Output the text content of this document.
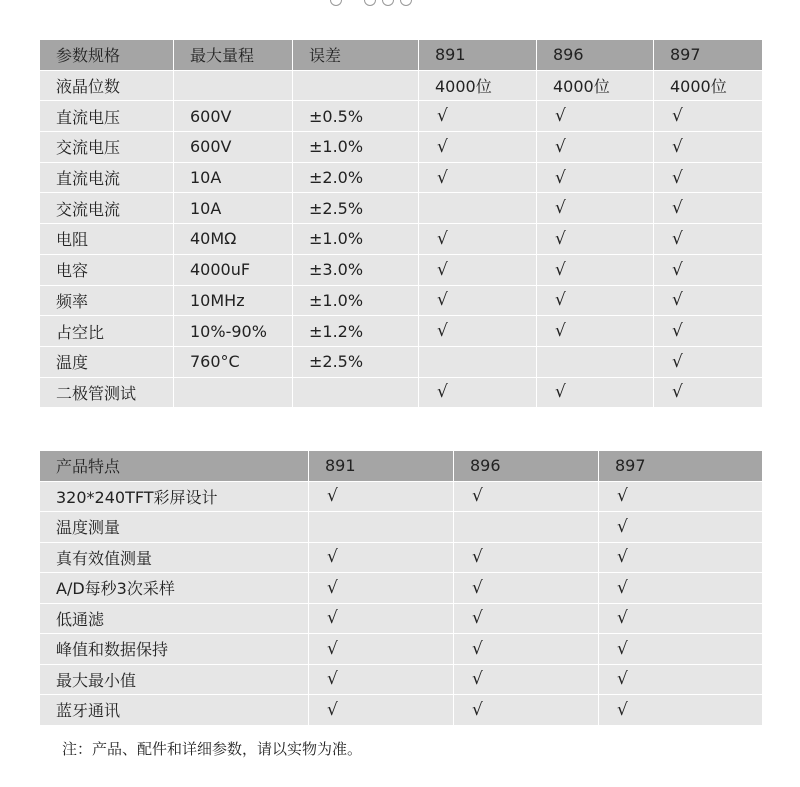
参数规格	最大量程	误差	891	896	897
液晶位数			4000位	4000位	4000位
直流电压	600V	±0.5%	√	√	√
交流电压	600V	±1.0%	√	√	√
直流电流	10A	±2.0%	√	√	√
交流电流	10A	±2.5%		√	√
电阻	40MΩ	±1.0%	√	√	√
电容	4000uF	±3.0%	√	√	√
频率	10MHz	±1.0%	√	√	√
占空比	10%-90%	±1.2%	√	√	√
温度	760°C	±2.5%			√
二极管测试			√	√	√
产品特点	891	896	897
320*240TFT彩屏设计	√	√	√
温度测量			√
真有效值测量	√	√	√
A/D每秒3次采样	√	√	√
低通滤	√	√	√
峰值和数据保持	√	√	√
最大最小值	√	√	√
蓝牙通讯	√	√	√
注：产品、配件和详细参数，请以实物为准。
